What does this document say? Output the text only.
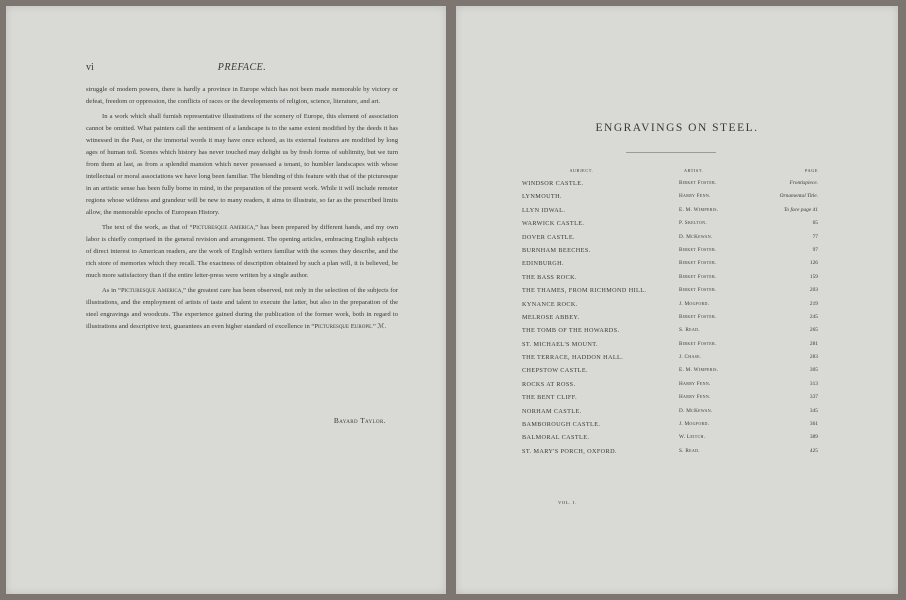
vi	PREFACE.

struggle of modern powers, there is hardly a province in Europe which has not been made memorable by victory or defeat, freedom or oppression, the conflicts of races or the developments of religion, science, literature, and art.

In a work which shall furnish representative illustrations of the scenery of Europe, this element of association cannot be omitted. What painters call the sentiment of a landscape is to the same extent modified by the deeds it has witnessed in the Past, or the immortal words it may have once echoed, as its external features are modified by long ages of human toil. Scenes which history has never touched may delight us by fresh forms of sublimity, but we turn from them at last, as from a splendid mansion which never possessed a tenant, to humbler landscapes with whose intellectual or moral associations we have long been familiar. The blending of this feature with that of the picturesque in an artistic sense has been fully borne in mind, in the preparation of the present work. While it will include remoter regions whose wildness and grandeur will be new to many readers, it aims to illustrate, so far as the prescribed limits allow, the memorable epochs of European History.

The text of the work, as that of “Picturesque America,” has been prepared by different hands, and my own labor is chiefly comprised in the general revision and arrangement. The opening articles, embracing English subjects of direct interest to American readers, are the work of English writers familiar with the scenes they describe, and the rich store of memories which they recall. The exactness of description obtained by such a plan will, it is believed, be much more satisfactory than if the entire letter-press were written by a single author.

As in “Picturesque America,” the greatest care has been observed, not only in the selection of the subjects for illustrations, and the employment of artists of taste and talent to execute the latter, but also in the preparation of the steel engravings and woodcuts. The experience gained during the publication of the former work, both in regard to illustrations and descriptive text, guarantees an even higher standard of excellence in “Picturesque Europe.” ℳ.

Bayard Taylor.
ENGRAVINGS ON STEEL.
SUBJECT.	ARTIST.	PAGE
WINDSOR CASTLE.	Birket Foster.	Frontispiece.
LYNMOUTH.	Harry Fenn.	Ornamental Title.
LLYN IDWAL.	E. M. Wimperis.	To face page 41
WARWICK CASTLE.	P. Skelton.	65
DOVER CASTLE.	D. McKewan.	77
BURNHAM BEECHES.	Birket Foster.	97
EDINBURGH.	Birket Foster.	126
THE BASS ROCK.	Birket Foster.	159
THE THAMES, FROM RICHMOND HILL.	Birket Foster.	203
KYNANCE ROCK.	J. Mogford.	219
MELROSE ABBEY.	Birket Foster.	245
THE TOMB OF THE HOWARDS.	S. Read.	265
ST. MICHAEL'S MOUNT.	Birket Foster.	281
THE TERRACE, HADDON HALL.	J. Chase.	283
CHEPSTOW CASTLE.	E. M. Wimperis.	305
ROCKS AT ROSS.	Harry Fenn.	313
THE BENT CLIFF.	Harry Fenn.	337
NORHAM CASTLE.	D. McKewan.	345
BAMBOROUGH CASTLE.	J. Mogford.	361
BALMORAL CASTLE.	W. Leitch.	389
ST. MARY'S PORCH, OXFORD.	S. Read.	425
VOL. I.
